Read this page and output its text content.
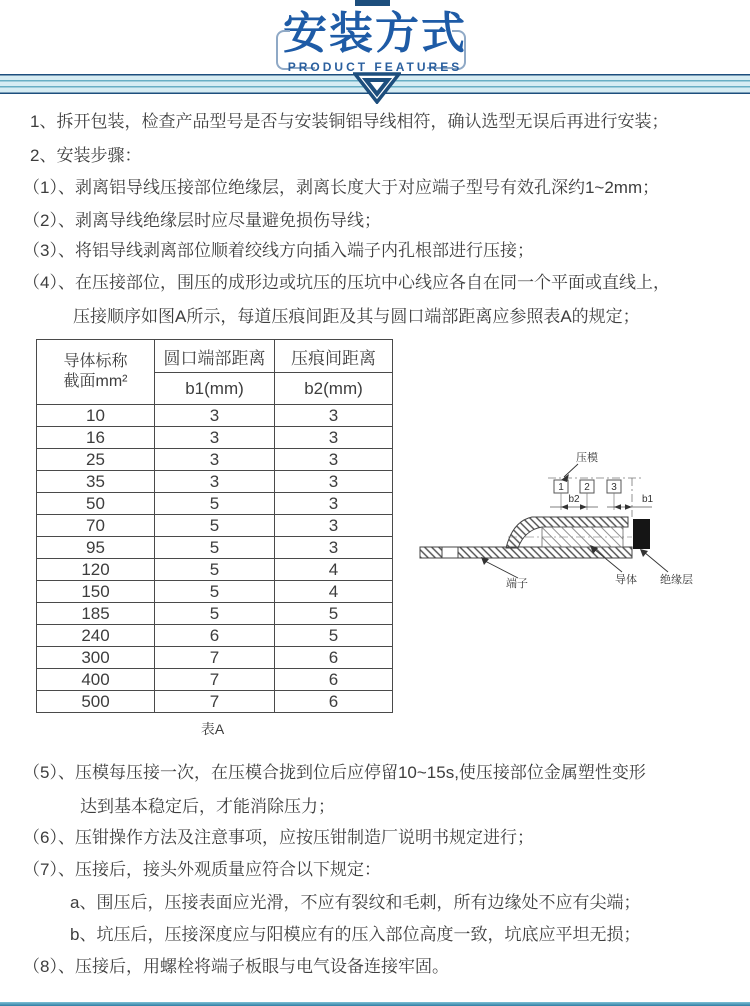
安装方式
PRODUCT FEATURES
1、拆开包装，检查产品型号是否与安装铜铝导线相符，确认选型无误后再进行安装；
2、安装步骤：
（1）、剥离铝导线压接部位绝缘层，剥离长度大于对应端子型号有效孔深约1~2mm；
（2）、剥离导线绝缘层时应尽量避免损伤导线；
（3）、将铝导线剥离部位顺着绞线方向插入端子内孔根部进行压接；
（4）、在压接部位，围压的成形边或坑压的压坑中心线应各自在同一个平面或直线上，
压接顺序如图A所示，每道压痕间距及其与圆口端部距离应参照表A的规定；
导体标称
截面mm²	圆口端部距离	压痕间距离
	b1(mm)	b2(mm)
10	3	3
16	3	3
25	3	3
35	3	3
50	5	3
70	5	3
95	5	3
120	5	4
150	5	4
185	5	5
240	6	5
300	7	6
400	7	6
500	7	6
表A
1 2 3
压模
b2	b1
端子	导体 绝缘层
（5）、压模每压接一次，在压模合拢到位后应停留10~15s,使压接部位金属塑性变形
达到基本稳定后，才能消除压力；
（6）、压钳操作方法及注意事项，应按压钳制造厂说明书规定进行；
（7）、压接后，接头外观质量应符合以下规定：
a、围压后，压接表面应光滑，不应有裂纹和毛刺，所有边缘处不应有尖端；
b、坑压后，压接深度应与阳模应有的压入部位高度一致，坑底应平坦无损；
（8）、压接后，用螺栓将端子板眼与电气设备连接牢固。
